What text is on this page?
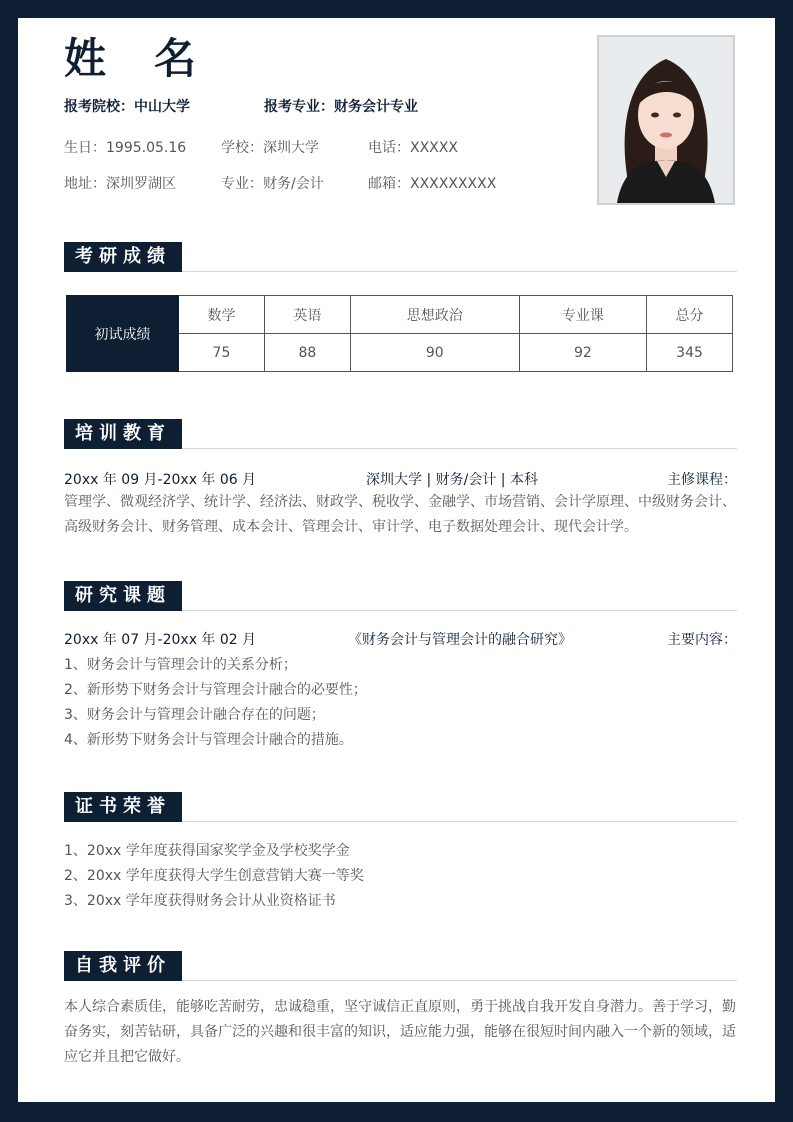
姓名
报考院校：中山大学	报考专业：财务会计专业
生日：1995.05.16 学校：深圳大学	电话：XXXXX
地址：深圳罗湖区	专业：财务/会计	邮箱：XXXXXXXXX
考研成绩
初试成绩	数学	英语	思想政治	专业课	总分
	75	88	90	92	345
培训教育
20xx 年 09 月-20xx 年 06 月	深圳大学 | 财务/会计 | 本科	主修课程：
管理学、微观经济学、统计学、经济法、财政学、税收学、金融学、市场营销、会计学原理、中级财务会计、高级财务会计、财务管理、成本会计、管理会计、审计学、电子数据处理会计、现代会计学。
研究课题
20xx 年 07 月-20xx 年 02 月	《财务会计与管理会计的融合研究》	主要内容：
1、财务会计与管理会计的关系分析；
2、新形势下财务会计与管理会计融合的必要性；
3、财务会计与管理会计融合存在的问题；
4、新形势下财务会计与管理会计融合的措施。
证书荣誉
1、20xx 学年度获得国家奖学金及学校奖学金
2、20xx 学年度获得大学生创意营销大赛一等奖
3、20xx 学年度获得财务会计从业资格证书
自我评价
本人综合素质佳，能够吃苦耐劳，忠诚稳重，坚守诚信正直原则，勇于挑战自我开发自身潜力。善于学习，勤奋务实，刻苦钻研，具备广泛的兴趣和很丰富的知识，适应能力强，能够在很短时间内融入一个新的领域，适应它并且把它做好。
